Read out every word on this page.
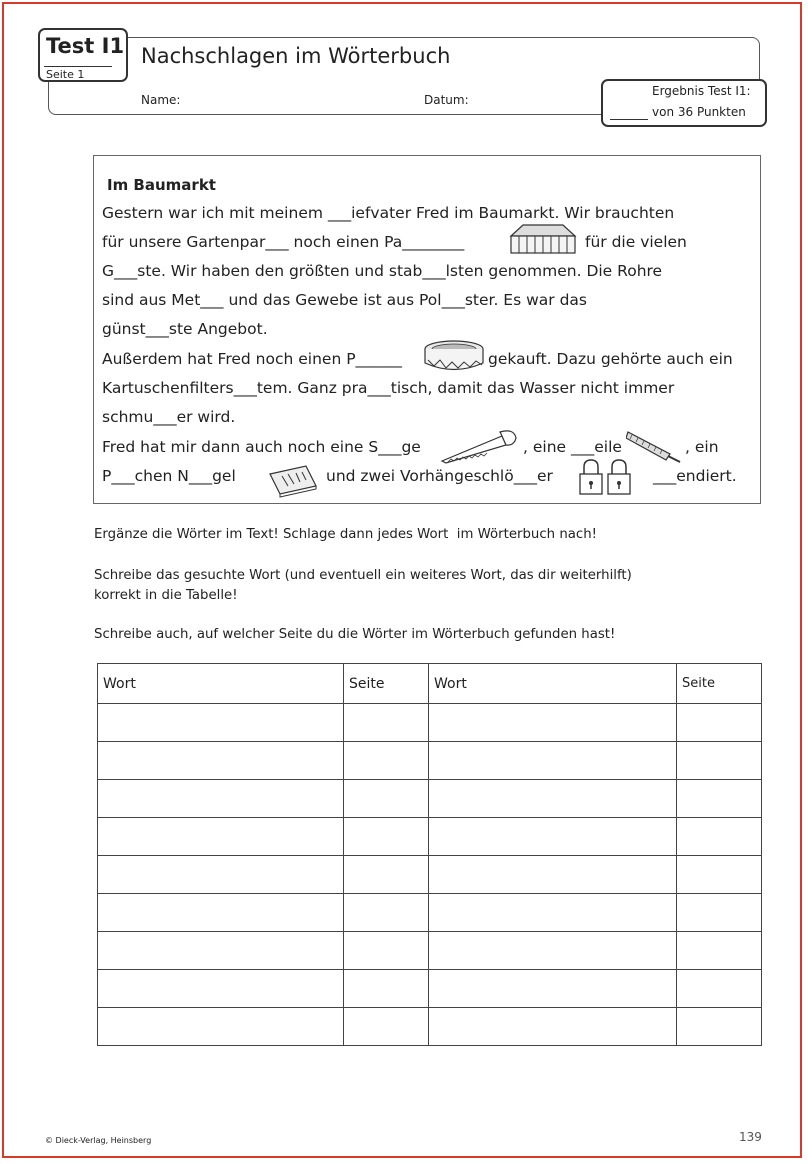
Test I1
Seite 1
Nachschlagen im Wörterbuch
Name:	Datum:
Ergebnis Test I1:
von 36 Punkten
Im Baumarkt
Gestern war ich mit meinem ___iefvater Fred im Baumarkt. Wir brauchten
für unsere Gartenpar___ noch einen Pa________	für die vielen
G___ste. Wir haben den größten und stab___lsten genommen. Die Rohre
sind aus Met___ und das Gewebe ist aus Pol___ster. Es war das
günst___ste Angebot.
Außerdem hat Fred noch einen P______	gekauft. Dazu gehörte auch ein
Kartuschenfilters___tem. Ganz pra___tisch, damit das Wasser nicht immer
schmu___er wird.
Fred hat mir dann auch noch eine S___ge	, eine ___eile	, ein
P___chen N___gel	und zwei Vorhängeschlö___er	___endiert.
Ergänze die Wörter im Text! Schlage dann jedes Wort  im Wörterbuch nach!
Schreibe das gesuchte Wort (und eventuell ein weiteres Wort, das dir weiterhilft)
korrekt in die Tabelle!
Schreibe auch, auf welcher Seite du die Wörter im Wörterbuch gefunden hast!
Wort	Seite	Wort	Seite

© Dieck-Verlag, Heinsberg	139
